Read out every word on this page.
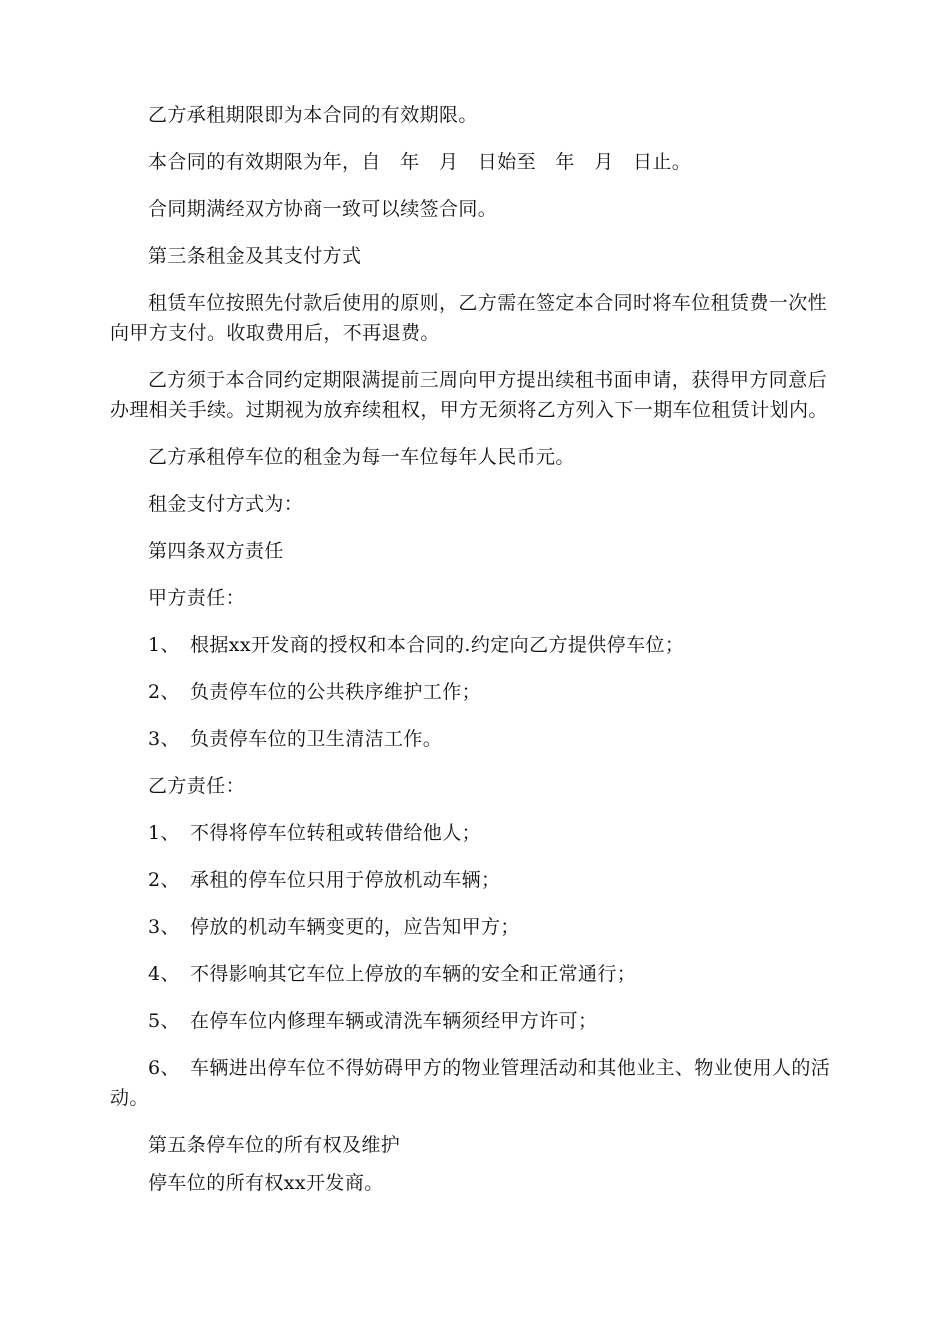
乙方承租期限即为本合同的有效期限。

本合同的有效期限为年，自　年　月　日始至　年　月　日止。

合同期满经双方协商一致可以续签合同。

第三条租金及其支付方式

租赁车位按照先付款后使用的原则，乙方需在签定本合同时将车位租赁费一次性向甲方支付。收取费用后，不再退费。

乙方须于本合同约定期限满提前三周向甲方提出续租书面申请，获得甲方同意后办理相关手续。过期视为放弃续租权，甲方无须将乙方列入下一期车位租赁计划内。

乙方承租停车位的租金为每一车位每年人民币元。

租金支付方式为：

第四条双方责任

甲方责任：

1、 根据xx开发商的授权和本合同的.约定向乙方提供停车位；
2、 负责停车位的公共秩序维护工作；
3、 负责停车位的卫生清洁工作。

乙方责任：

1、 不得将停车位转租或转借给他人；
2、 承租的停车位只用于停放机动车辆；
3、 停放的机动车辆变更的，应告知甲方；
4、 不得影响其它车位上停放的车辆的安全和正常通行；
5、 在停车位内修理车辆或清洗车辆须经甲方许可；
6、 车辆进出停车位不得妨碍甲方的物业管理活动和其他业主、物业使用人的活动。

第五条停车位的所有权及维护

停车位的所有权xx开发商。
